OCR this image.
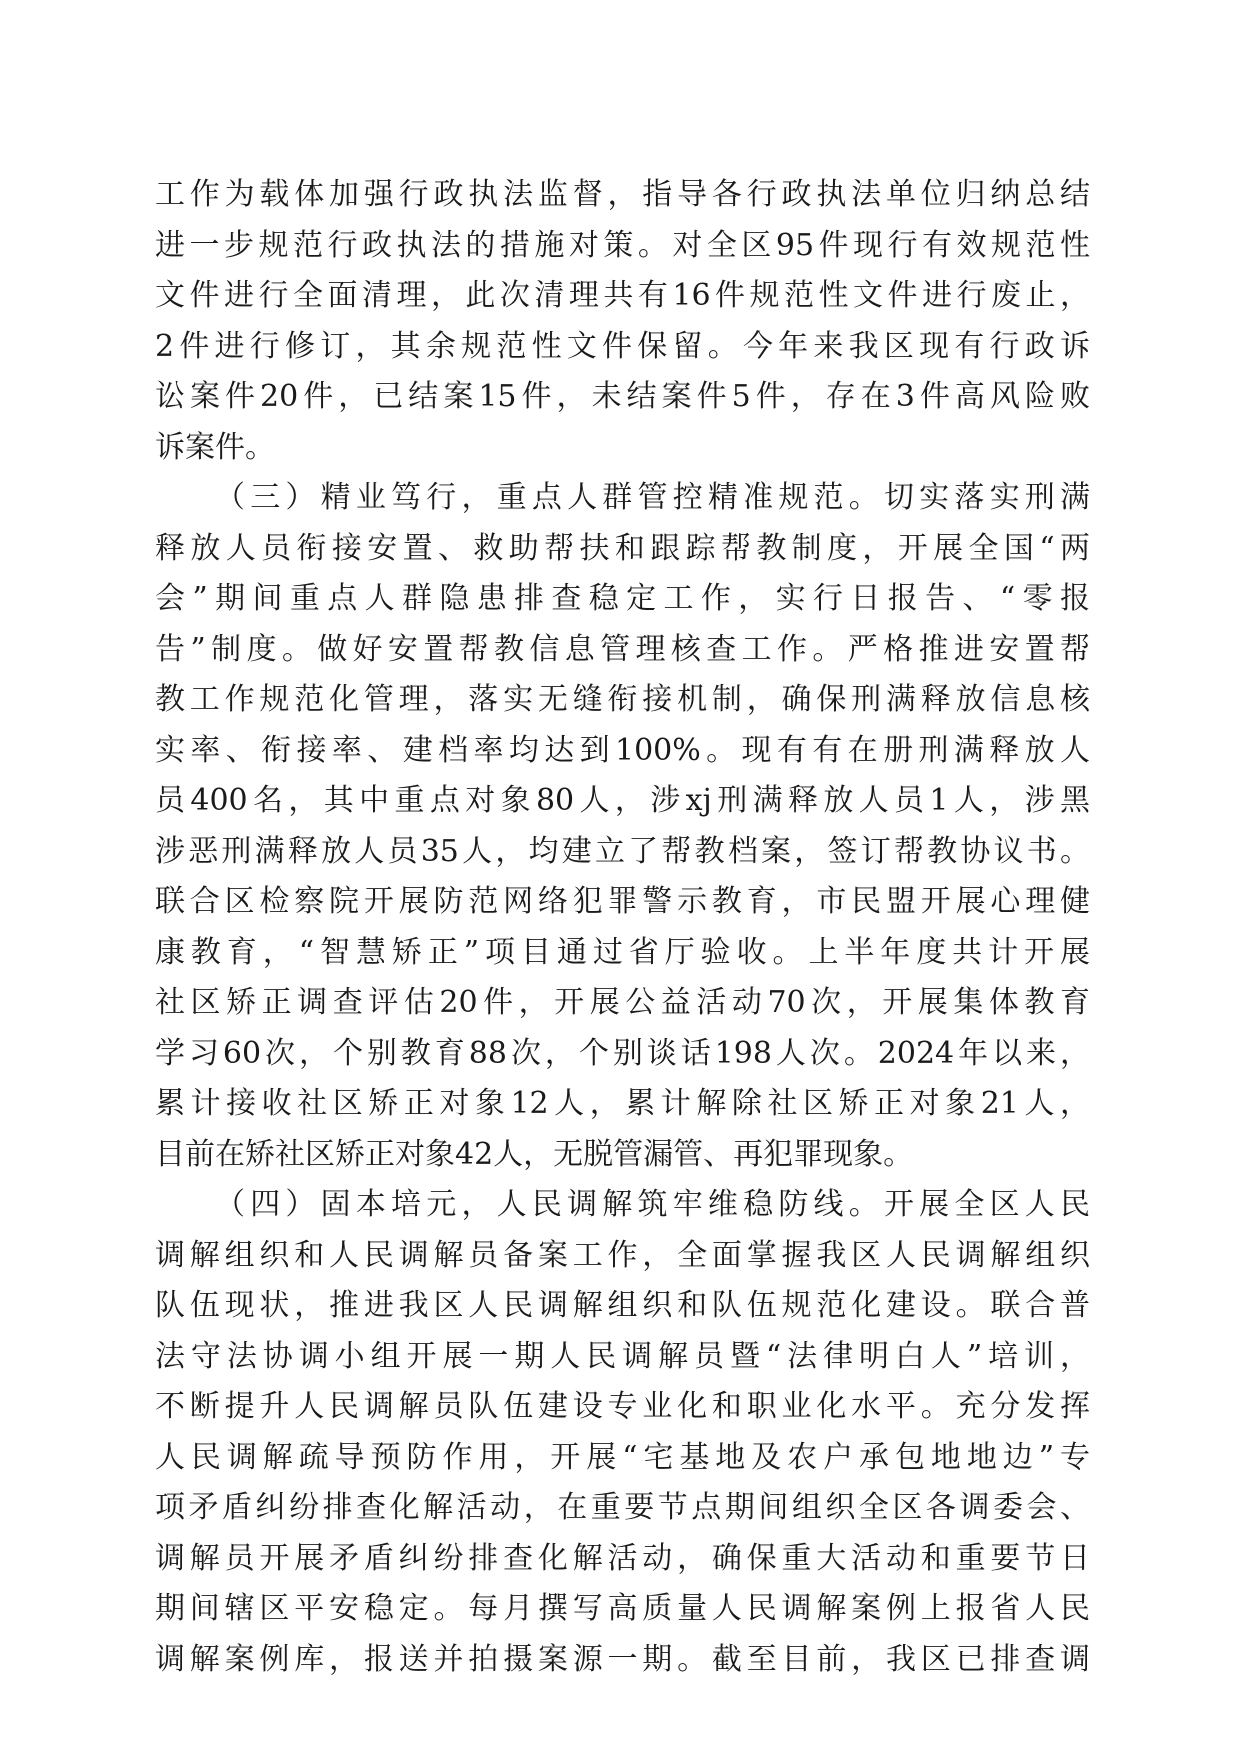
工作为载体加强行政执法监督，指导各行政执法单位归纳总结
进一步规范行政执法的措施对策。对全区95件现行有效规范性
文件进行全面清理，此次清理共有16件规范性文件进行废止，
2件进行修订，其余规范性文件保留。今年来我区现有行政诉
讼案件20件，已结案15件，未结案件5件，存在3件高风险败
诉案件。
（三）精业笃行，重点人群管控精准规范。切实落实刑满
释放人员衔接安置、救助帮扶和跟踪帮教制度，开展全国“两
会”期间重点人群隐患排查稳定工作，实行日报告、“零报
告”制度。做好安置帮教信息管理核查工作。严格推进安置帮
教工作规范化管理，落实无缝衔接机制，确保刑满释放信息核
实率、衔接率、建档率均达到100%。现有有在册刑满释放人
员400名，其中重点对象80人，涉xj刑满释放人员1人，涉黑
涉恶刑满释放人员35人，均建立了帮教档案，签订帮教协议书。
联合区检察院开展防范网络犯罪警示教育，市民盟开展心理健
康教育，“智慧矫正”项目通过省厅验收。上半年度共计开展
社区矫正调查评估20件，开展公益活动70次，开展集体教育
学习60次，个别教育88次，个别谈话198人次。2024年以来，
累计接收社区矫正对象12人，累计解除社区矫正对象21人，
目前在矫社区矫正对象42人，无脱管漏管、再犯罪现象。
（四）固本培元，人民调解筑牢维稳防线。开展全区人民
调解组织和人民调解员备案工作，全面掌握我区人民调解组织
队伍现状，推进我区人民调解组织和队伍规范化建设。联合普
法守法协调小组开展一期人民调解员暨“法律明白人”培训，
不断提升人民调解员队伍建设专业化和职业化水平。充分发挥
人民调解疏导预防作用，开展“宅基地及农户承包地地边”专
项矛盾纠纷排查化解活动，在重要节点期间组织全区各调委会、
调解员开展矛盾纠纷排查化解活动，确保重大活动和重要节日
期间辖区平安稳定。每月撰写高质量人民调解案例上报省人民
调解案例库，报送并拍摄案源一期。截至目前，我区已排查调
